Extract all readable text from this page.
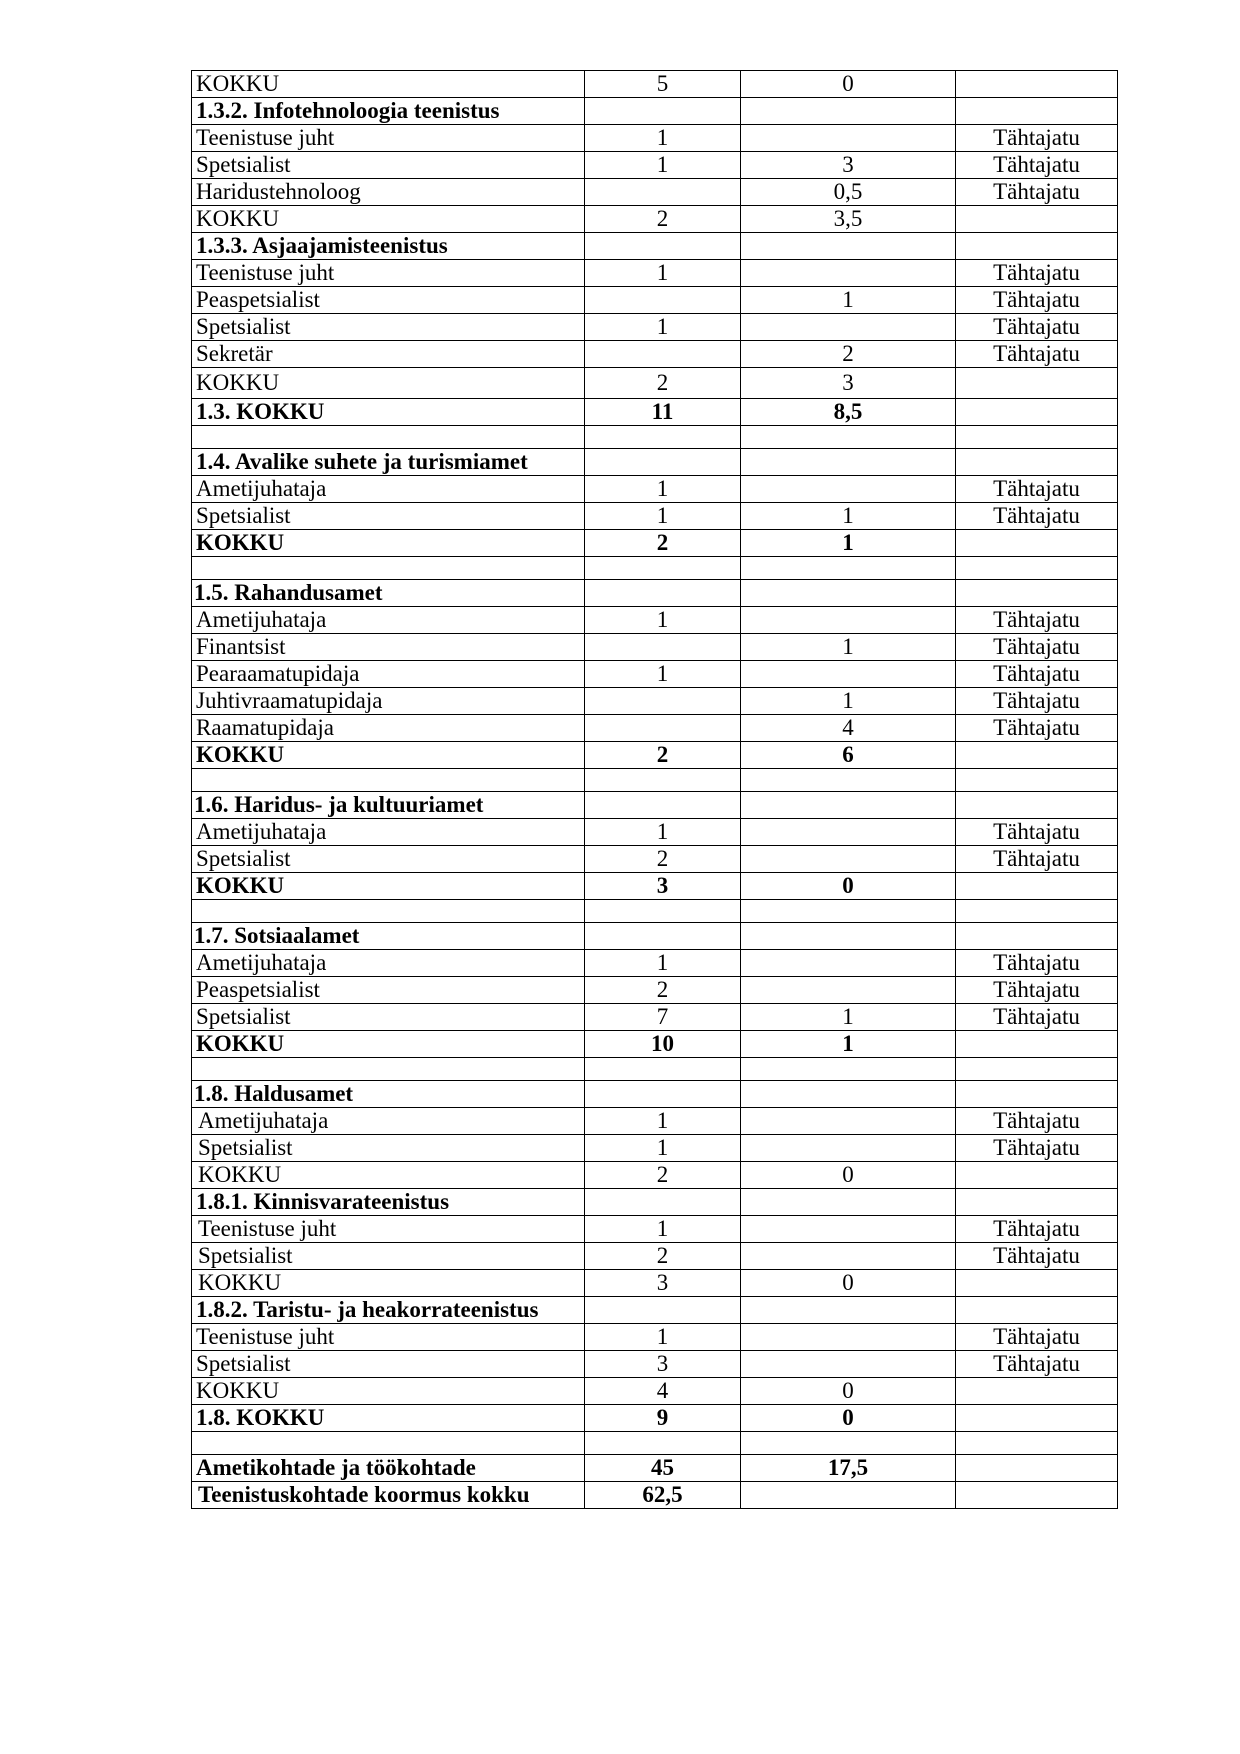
KOKKU	5	0	
1.3.2. Infotehnoloogia teenistus			
Teenistuse juht	1		Tähtajatu
Spetsialist	1	3	Tähtajatu
Haridustehnoloog		0,5	Tähtajatu
KOKKU	2	3,5	
1.3.3. Asjaajamisteenistus			
Teenistuse juht	1		Tähtajatu
Peaspetsialist		1	Tähtajatu
Spetsialist	1		Tähtajatu
Sekretär		2	Tähtajatu
KOKKU	2	3	
1.3. KOKKU	11	8,5	

1.4. Avalike suhete ja turismiamet			
Ametijuhataja	1		Tähtajatu
Spetsialist	1	1	Tähtajatu
KOKKU	2	1	

1.5. Rahandusamet			
Ametijuhataja	1		Tähtajatu
Finantsist		1	Tähtajatu
Pearaamatupidaja	1		Tähtajatu
Juhtivraamatupidaja		1	Tähtajatu
Raamatupidaja		4	Tähtajatu
KOKKU	2	6	

1.6. Haridus- ja kultuuriamet			
Ametijuhataja	1		Tähtajatu
Spetsialist	2		Tähtajatu
KOKKU	3	0	

1.7. Sotsiaalamet			
Ametijuhataja	1		Tähtajatu
Peaspetsialist	2		Tähtajatu
Spetsialist	7	1	Tähtajatu
KOKKU	10	1	

1.8. Haldusamet			
Ametijuhataja	1		Tähtajatu
Spetsialist	1		Tähtajatu
KOKKU	2	0	
1.8.1. Kinnisvarateenistus			
Teenistuse juht	1		Tähtajatu
Spetsialist	2		Tähtajatu
KOKKU	3	0	
1.8.2. Taristu- ja heakorrateenistus			
Teenistuse juht	1		Tähtajatu
Spetsialist	3		Tähtajatu
KOKKU	4	0	
1.8. KOKKU	9	0	

Ametikohtade ja töökohtade	45	17,5	
Teenistuskohtade koormus kokku	62,5		
